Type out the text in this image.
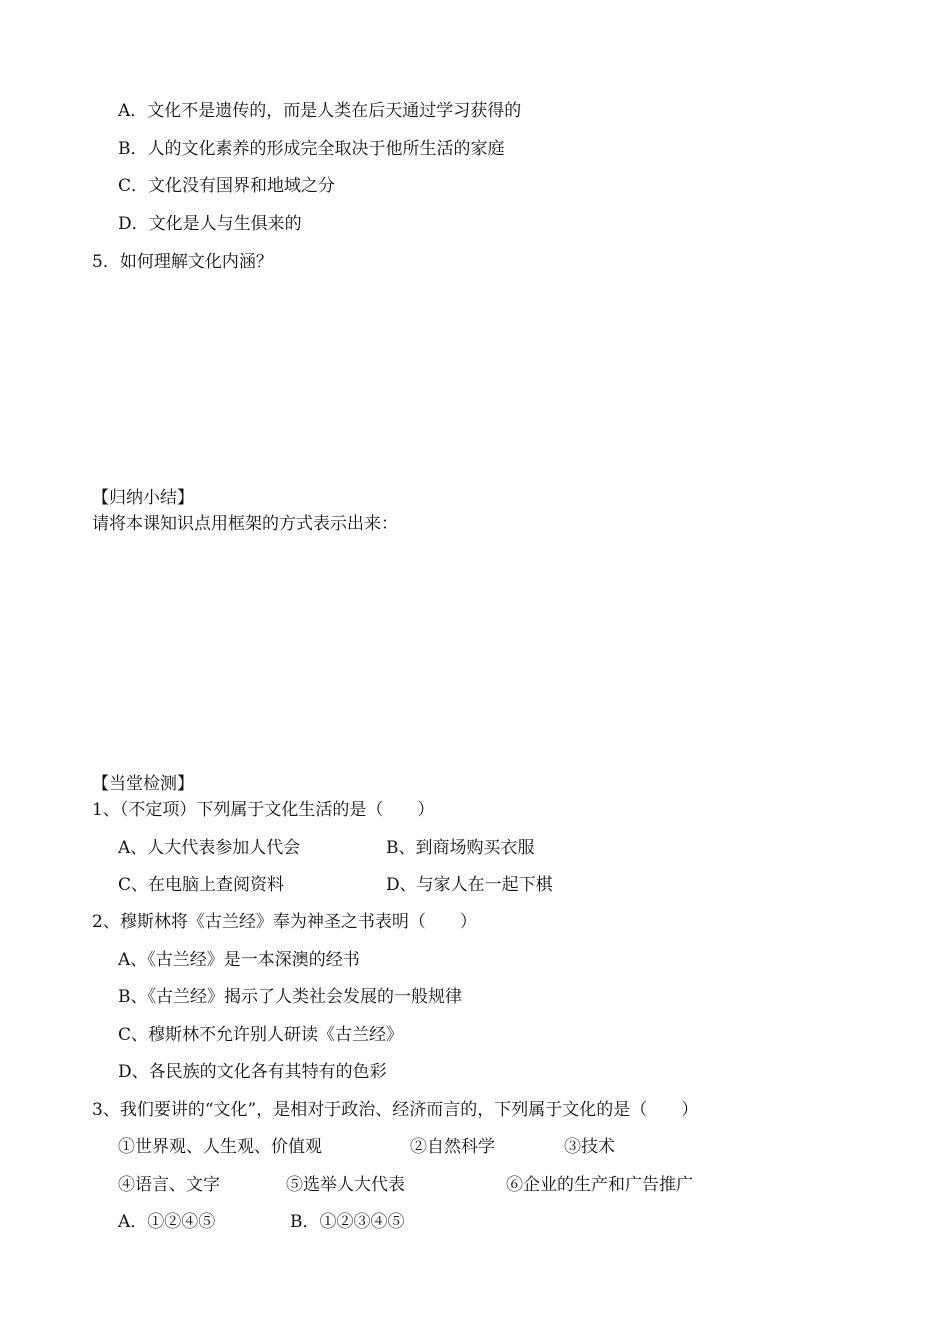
A．文化不是遗传的，而是人类在后天通过学习获得的
B．人的文化素养的形成完全取决于他所生活的家庭
C．文化没有国界和地域之分
D．文化是人与生俱来的
5．如何理解文化内涵？
【归纳小结】
请将本课知识点用框架的方式表示出来：
【当堂检测】
1、（不定项）下列属于文化生活的是（　　）
A、人大代表参加人代会	B、到商场购买衣服
C、在电脑上查阅资料	D、与家人在一起下棋
2、穆斯林将《古兰经》奉为神圣之书表明（　　）
A、《古兰经》是一本深澳的经书
B、《古兰经》揭示了人类社会发展的一般规律
C、穆斯林不允许别人研读《古兰经》
D、各民族的文化各有其特有的色彩
3、我们要讲的“文化”，是相对于政治、经济而言的，下列属于文化的是（　　）
①世界观、人生观、价值观	②自然科学	③技术
④语言、文字	⑤选举人大代表	⑥企业的生产和广告推广
A．①②④⑤	B．①②③④⑤
